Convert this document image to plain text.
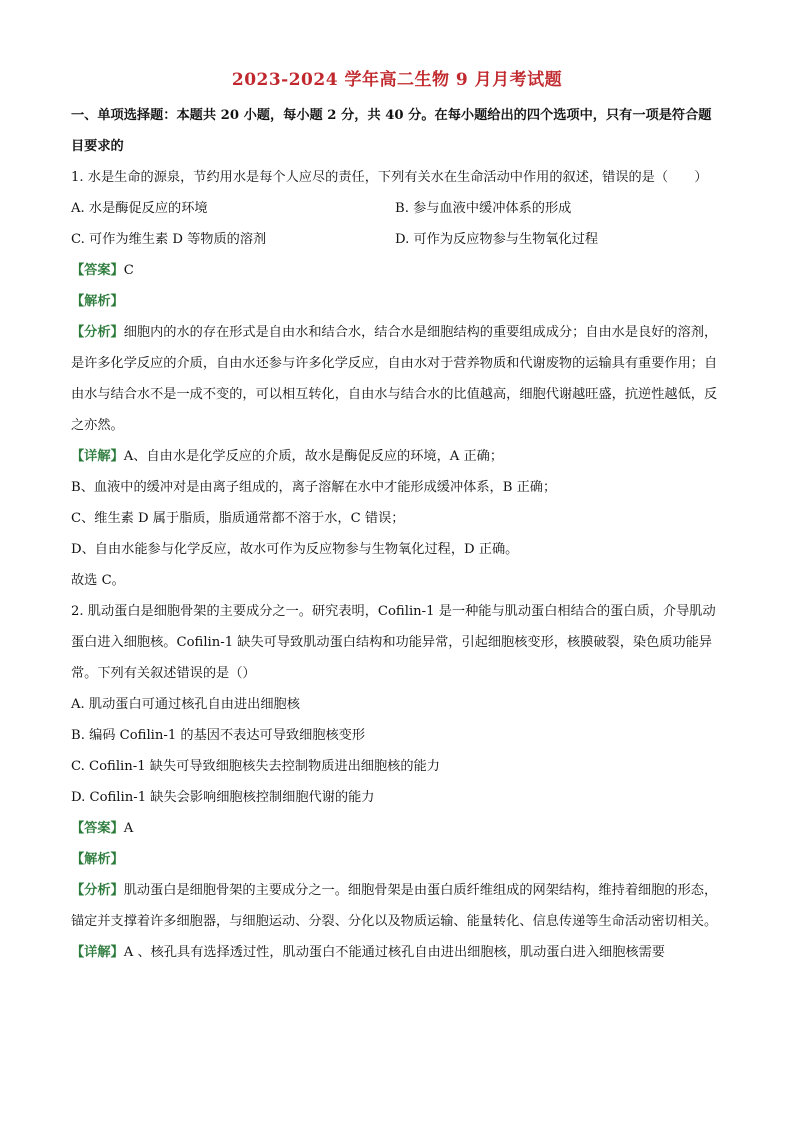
2023-2024 学年高二生物 9 月月考试题

一、单项选择题：本题共 20 小题，每小题 2 分，共 40 分。在每小题给出的四个选项中，只有一项是符合题目要求的

1. 水是生命的源泉，节约用水是每个人应尽的责任，下列有关水在生命活动中作用的叙述，错误的是（　　）

A. 水是酶促反应的环境	B. 参与血液中缓冲体系的形成
C. 可作为维生素 D 等物质的溶剂	D. 可作为反应物参与生物氧化过程

【答案】C

【解析】

【分析】细胞内的水的存在形式是自由水和结合水，结合水是细胞结构的重要组成成分；自由水是良好的溶剂，是许多化学反应的介质，自由水还参与许多化学反应，自由水对于营养物质和代谢废物的运输具有重要作用；自由水与结合水不是一成不变的，可以相互转化，自由水与结合水的比值越高，细胞代谢越旺盛，抗逆性越低，反之亦然。

【详解】A、自由水是化学反应的介质，故水是酶促反应的环境，A 正确；

B、血液中的缓冲对是由离子组成的，离子溶解在水中才能形成缓冲体系，B 正确；

C、维生素 D 属于脂质，脂质通常都不溶于水，C 错误；

D、自由水能参与化学反应，故水可作为反应物参与生物氧化过程，D 正确。

故选 C。

2. 肌动蛋白是细胞骨架的主要成分之一。研究表明，Cofilin-1 是一种能与肌动蛋白相结合的蛋白质，介导肌动蛋白进入细胞核。Cofilin-1 缺失可导致肌动蛋白结构和功能异常，引起细胞核变形，核膜破裂，染色质功能异常。下列有关叙述错误的是（）

A. 肌动蛋白可通过核孔自由进出细胞核

B. 编码 Cofilin-1 的基因不表达可导致细胞核变形

C. Cofilin-1 缺失可导致细胞核失去控制物质进出细胞核的能力

D. Cofilin-1 缺失会影响细胞核控制细胞代谢的能力

【答案】A

【解析】

【分析】肌动蛋白是细胞骨架的主要成分之一。细胞骨架是由蛋白质纤维组成的网架结构，维持着细胞的形态，锚定并支撑着许多细胞器，与细胞运动、分裂、分化以及物质运输、能量转化、信息传递等生命活动密切相关。

【详解】A 、核孔具有选择透过性，肌动蛋白不能通过核孔自由进出细胞核，肌动蛋白进入细胞核需要
